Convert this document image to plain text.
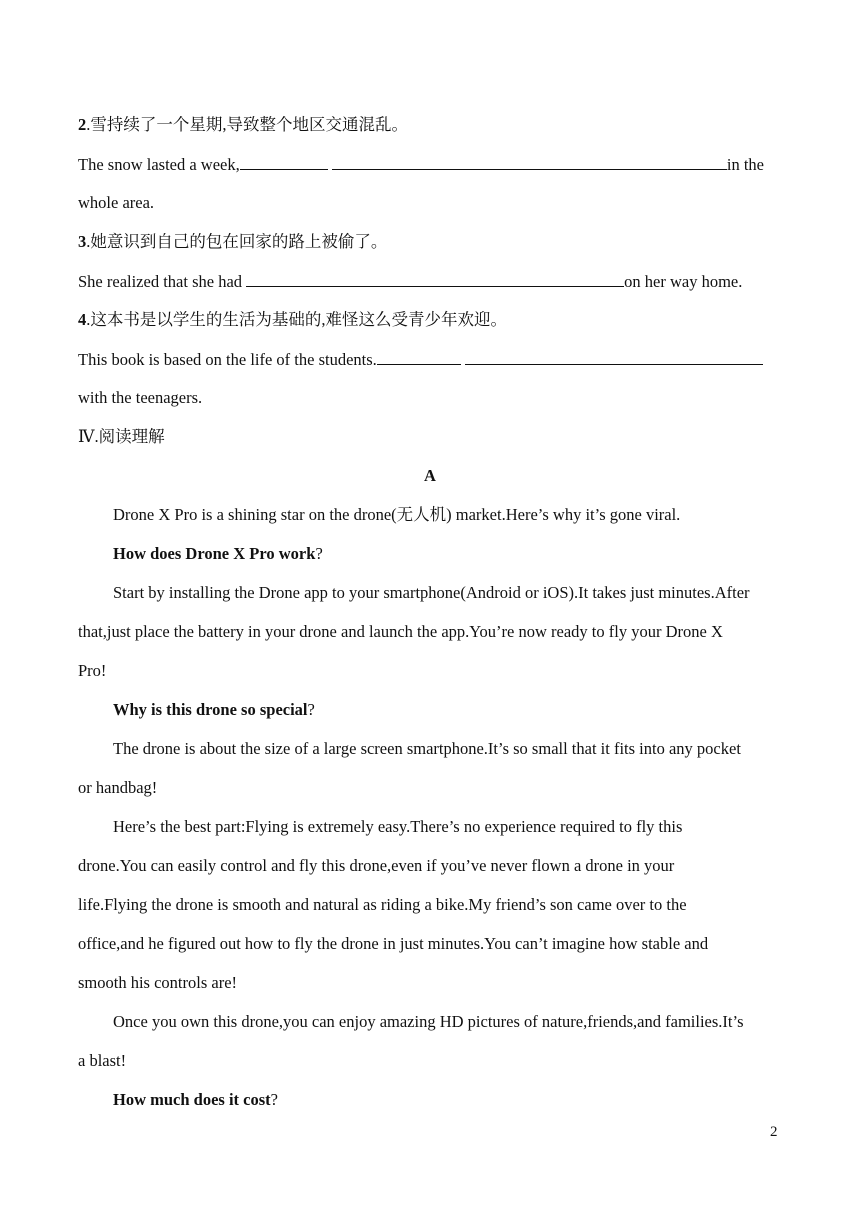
2.雪持续了一个星期,导致整个地区交通混乱。
The snow lasted a week,	in the
whole area.
3.她意识到自己的包在回家的路上被偷了。
She realized that she had	on her way home.
4.这本书是以学生的生活为基础的,难怪这么受青少年欢迎。
This book is based on the life of the students.
with the teenagers.
Ⅳ.阅读理解
A
Drone X Pro is a shining star on the drone(无人机) market.Here’s why it’s gone viral.
How does Drone X Pro work?
Start by installing the Drone app to your smartphone(Android or iOS).It takes just minutes.After
that,just place the battery in your drone and launch the app.You’re now ready to fly your Drone X
Pro!
Why is this drone so special?
The drone is about the size of a large screen smartphone.It’s so small that it fits into any pocket
or handbag!
Here’s the best part:Flying is extremely easy.There’s no experience required to fly this
drone.You can easily control and fly this drone,even if you’ve never flown a drone in your
life.Flying the drone is smooth and natural as riding a bike.My friend’s son came over to the
office,and he figured out how to fly the drone in just minutes.You can’t imagine how stable and
smooth his controls are!
Once you own this drone,you can enjoy amazing HD pictures of nature,friends,and families.It’s
a blast!
How much does it cost?
2
